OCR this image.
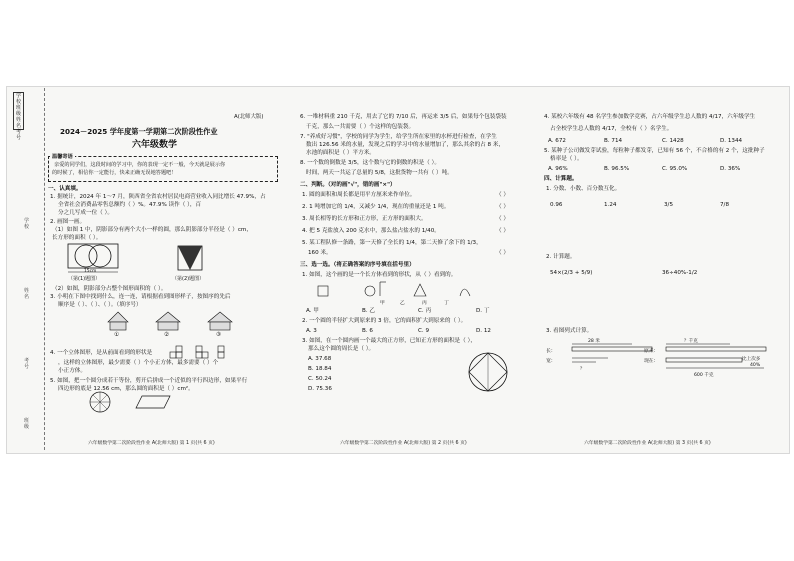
学校
姓名
考号
班级
学校班级姓名考号
A(北师大版)
2024－2025 学年度第一学期第二次阶段性作业
六年级数学
温馨寄语
亲爱的同学们，这段时间的学习中，你的表现一定不一般，今天就是展示你
的时候了，相信你一定能行，快来正确无误地答题吧！
一、认真填。
1. 据统计，2024 年 1～7 月，陕西省全省农村居民电商营业收入同比增长 47.9%，占
全省社会消费品零售总额约（ ）%。47.9% 读作（ ），百
分之几写成一位（ ）。
2. 画图一画。
（1）如图 1 中，阴影部分有两个大小一样的圆，那么阴影部分半径是（ ）cm，
长方形的面积（ ）。
15cm
（第(1)题图）	（第(2)题图）
（2）如图，阴影部分占整个图形面积的（ ）。
3. 小明在下图中找到什么，连一连，请根据看到图形样子，按图序的先后
顺序是（ ）、（ ）、（ ）。（填序号）
①	②	③
4. 一个立体图形，是从前面看到的形状是
，这样的立体图形，最少需要（ ）个小正方体，最多需要（ ）个
小正方体。
5. 如图，把一个圆分成若干等份，剪开后拼成一个近似的平行四边形，如果平行
四边形的底是 12.56 cm，那么圆的面积是（ ）cm²。
六年级数学第二次阶段性作业 A(北师大版) 第 1 页(共 6 页)
6. 一堆材料重 210 千克，用去了它的 7/10 后，再运来 3/5 后，如果每个包装袋装
千克，那么一共需要（ ）个这样的包装袋。
7. "养成好习惯"，学校的同学为学生，给学生所在家里的水杯进行检查，在学生
数出 126.56 米的水量，发现之后的学习中的水量增加了，那么其余的占 8 米，
水池的面积是（ ）平方米。
8. 一个数的倒数是 3/5，这个数与它的倒数的积是（ ）。
时间，两天一共运了总量的 5/8，这批货物一共有（ ）吨。
二、判断。（对的画"√"，错的画"×"）
1. 圆的面积和周长都是用平方厘米来作单位。	（ ）
2. 1 吨增加它的 1/4，又减少 1/4，现在的重量还是 1 吨。	（ ）
3. 周长相等的长方形和正方形，正方形的面积大。	（ ）
4. 把 5 克盐放入 200 克水中，那么盐占盐水的 1/40。	（ ）
5. 某工程队修一条路，第一天修了全长的 1/4，第二天修了余下的 1/3，
160 米。	（ ）
三、选一选。（将正确答案的序号填在括号里）
1. 如图，这个画的是一个长方体看到的形状，从（ ）看到的。
甲	乙	丙	丁
A. 甲	B. 乙	C. 丙	D. 丁
2. 一个圆的半径扩大到原来的 3 倍，它的面积扩大到原来的（ ）。
A. 3	B. 6	C. 9	D. 12
3. 如图，在一个圆内画一个最大的正方形，已知正方形的面积是（ ），
那么这个圆的周长是（ ）。
A. 37.68
B. 18.84
C. 50.24
D. 75.36
六年级数学第二次阶段性作业 A(北师大版) 第 2 页(共 6 页)
4. 某校六年级有 48 名学生参加数学竞赛，占六年级学生总人数的 4/17，六年级学生
占全校学生总人数的 4/17，全校有（ ）名学生。
A. 672	B. 714	C. 1428	D. 1344
5. 某种子公司做发芽试验，每粒种子都发芽，已知有 56 个，不合格的有 2 个，这批种子
格率是（ ）。
A. 96%	B. 96.5%	C. 95.0%	D. 36%
四、计算题。
1. 分数、小数、百分数互化。
0.96	1.24	3/5	7/8
2. 计算题。
54×(2/3 + 5/9)	36÷40%-1/2
3. 看图列式计算。
28 米
长：
宽：
？
？千克
原来：
现在：	比上次多
40%
600 千克
六年级数学第二次阶段性作业 A(北师大版) 第 3 页(共 6 页)
